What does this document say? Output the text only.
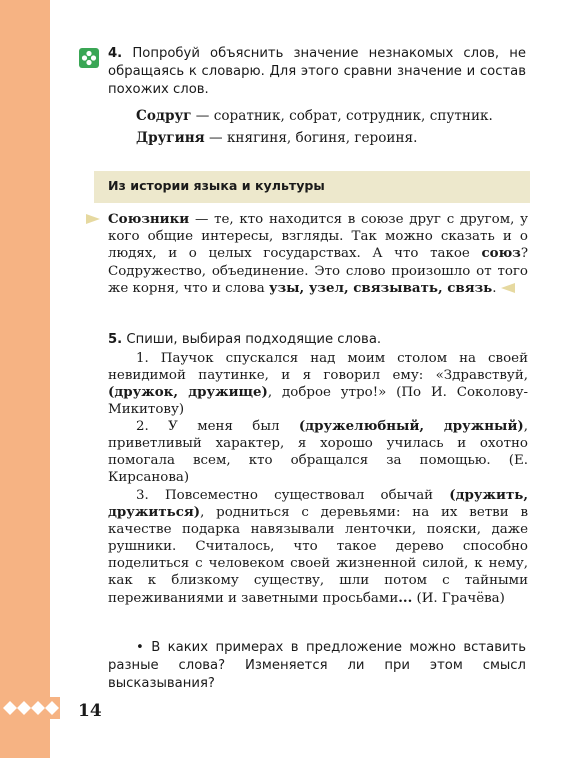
4. Попробуй объяснить значение незнакомых слов, не обращаясь к словарю. Для этого сравни значение и состав похожих слов.

Содруг — соратник, собрат, сотрудник, спутник.

Другиня — княгиня, богиня, героиня.

Из истории языка и культуры

Союзники — те, кто находится в союзе друг с другом, у кого общие интересы, взгляды. Так можно сказать и о людях, и о целых государствах. А что такое союз? Содружество, объединение. Это слово произошло от того же корня, что и слова узы, узел, связывать, связь.

5. Спиши, выбирая подходящие слова.

1. Паучок спускался над моим столом на своей невидимой паутинке, и я говорил ему: «Здравствуй, (дружок, дружище), доброе утро!» (По И. Соколову-Микитову)

2. У меня был (дружелюбный, дружный), приветливый характер, я хорошо училась и охотно помогала всем, кто обращался за помощью. (Е. Кирсанова)

3. Повсеместно существовал обычай (дружить, дружиться), родниться с деревьями: на их ветви в качестве подарка навязывали ленточки, пояски, даже рушники. Считалось, что такое дерево способно поделиться с человеком своей жизненной силой, к нему, как к близкому существу, шли потом с тайными переживаниями и заветными просьбами... (И. Грачёва)

• В каких примерах в предложение можно вставить разные слова? Изменяется ли при этом смысл высказывания?

14
